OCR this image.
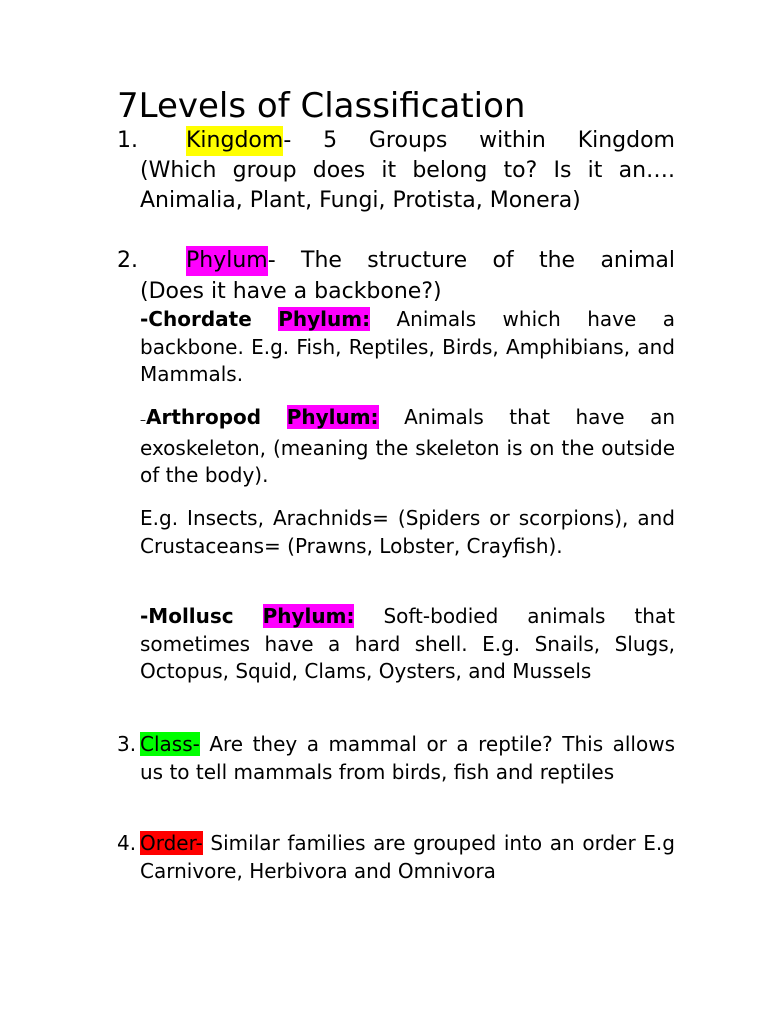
7Levels of Classification
1. Kingdom - 5 Groups within Kingdom

(Which group does it belong to? Is it an…. Animalia, Plant, Fungi, Protista, Monera)

2. Phylum - The structure of the animal

(Does it have a backbone?)

-Chordate Phylum: Animals which have a backbone. E.g. Fish, Reptiles, Birds, Amphibians, and Mammals.

–Arthropod Phylum: Animals that have an exoskeleton, (meaning the skeleton is on the outside of the body).

E.g. Insects, Arachnids= (Spiders or scorpions), and Crustaceans= (Prawns, Lobster, Crayfish).

-Mollusc Phylum: Soft-bodied animals that sometimes have a hard shell. E.g. Snails, Slugs, Octopus, Squid, Clams, Oysters, and Mussels

3. Class- Are they a mammal or a reptile? This allows us to tell mammals from birds, fish and reptiles

4. Order- Similar families are grouped into an order E.g Carnivore, Herbivora and Omnivora
